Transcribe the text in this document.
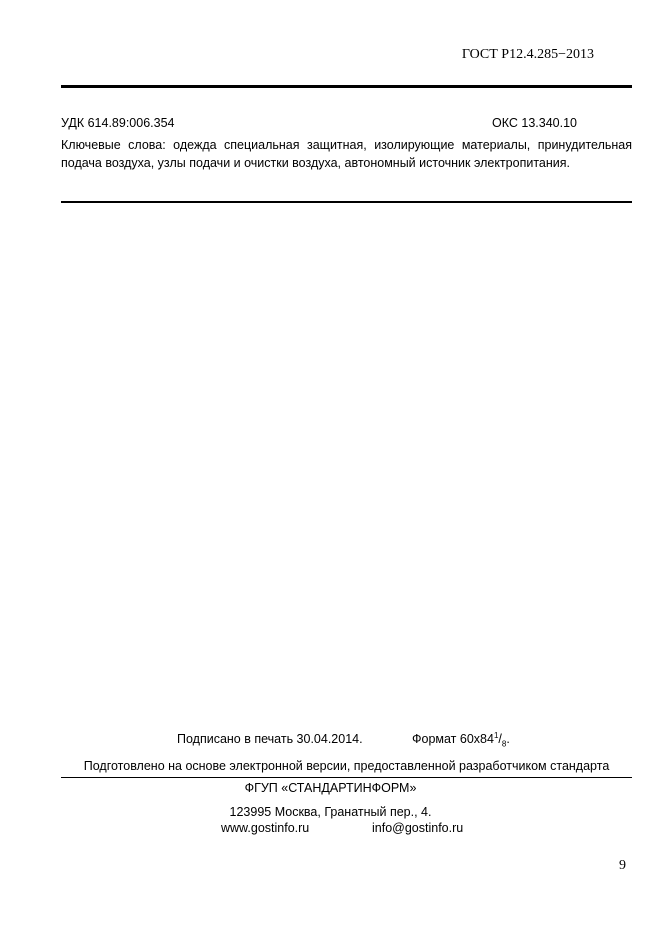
ГОСТ Р12.4.285−2013
УДК 614.89:006.354	ОКС 13.340.10
Ключевые слова: одежда специальная защитная, изолирующие материалы, принудительная подача воздуха, узлы подачи и очистки воздуха, автономный источник электропитания.
Подписано в печать 30.04.2014.	Формат $60x84^1/_8$.
Подготовлено на основе электронной версии, предоставленной разработчиком стандарта
ФГУП «СТАНДАРТИНФОРМ»
123995 Москва, Гранатный пер., 4.
www.gostinfo.ru	info@gostinfo.ru
9
